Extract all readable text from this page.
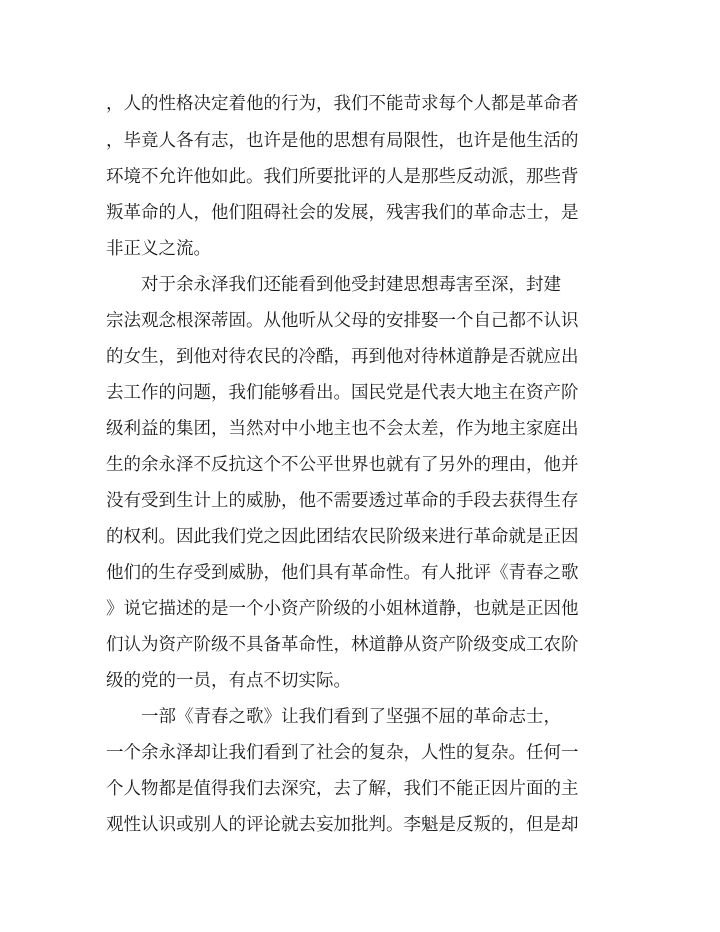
，人的性格决定着他的行为，我们不能苛求每个人都是革命者
，毕竟人各有志，也许是他的思想有局限性，也许是他生活的
环境不允许他如此。我们所要批评的人是那些反动派，那些背
叛革命的人，他们阻碍社会的发展，残害我们的革命志士，是
非正义之流。
对于余永泽我们还能看到他受封建思想毒害至深，封建
宗法观念根深蒂固。从他听从父母的安排娶一个自己都不认识
的女生，到他对待农民的冷酷，再到他对待林道静是否就应出
去工作的问题，我们能够看出。国民党是代表大地主在资产阶
级利益的集团，当然对中小地主也不会太差，作为地主家庭出
生的余永泽不反抗这个不公平世界也就有了另外的理由，他并
没有受到生计上的威胁，他不需要透过革命的手段去获得生存
的权利。因此我们党之因此团结农民阶级来进行革命就是正因
他们的生存受到威胁，他们具有革命性。有人批评《青春之歌
》说它描述的是一个小资产阶级的小姐林道静，也就是正因他
们认为资产阶级不具备革命性，林道静从资产阶级变成工农阶
级的党的一员，有点不切实际。
一部《青春之歌》让我们看到了坚强不屈的革命志士，
一个余永泽却让我们看到了社会的复杂，人性的复杂。任何一
个人物都是值得我们去深究，去了解，我们不能正因片面的主
观性认识或别人的评论就去妄加批判。李魁是反叛的，但是却
